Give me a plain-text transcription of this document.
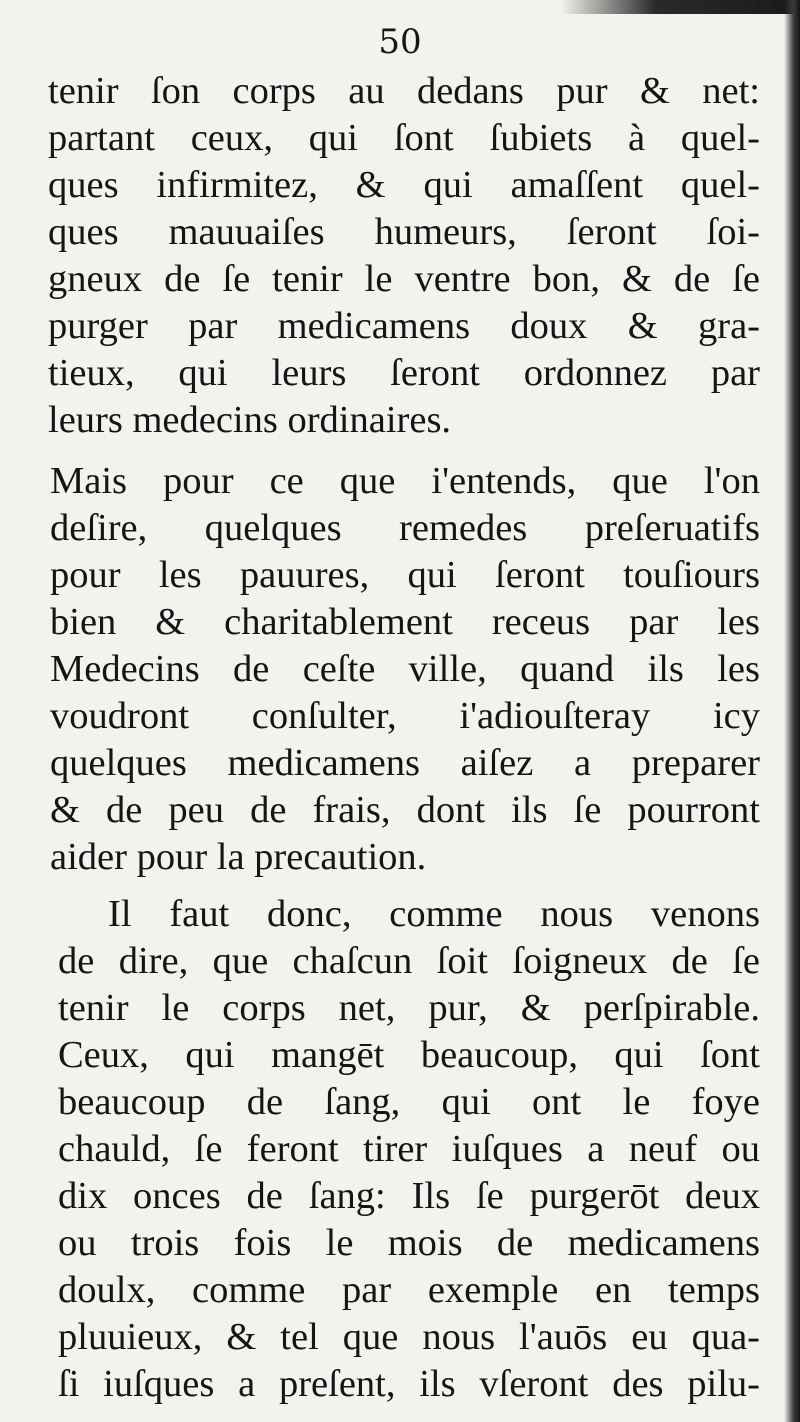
50

tenir ſon corps au dedans pur & net:
partant ceux, qui ſont ſubiets à quel-
ques infirmitez, & qui amaſſent quel-
ques mauuaiſes humeurs, ſeront ſoi-
gneux de ſe tenir le ventre bon, & de ſe
purger par medicamens doux & gra-
tieux, qui leurs ſeront ordonnez par
leurs medecins ordinaires.

Mais pour ce que i'entends, que l'on
deſire, quelques remedes preſeruatifs
pour les pauures, qui ſeront touſiours
bien & charitablement receus par les
Medecins de ceſte ville, quand ils les
voudront conſulter, i'adiouſteray icy
quelques medicamens aiſez a preparer
& de peu de frais, dont ils ſe pourront
aider pour la precaution.

Il faut donc, comme nous venons
de dire, que chaſcun ſoit ſoigneux de ſe
tenir le corps net, pur, & perſpirable.
Ceux, qui mangēt beaucoup, qui ſont
beaucoup de ſang, qui ont le foye
chauld, ſe feront tirer iuſques a neuf ou
dix onces de ſang: Ils ſe purgerōt deux
ou trois fois le mois de medicamens
doulx, comme par exemple en temps
pluuieux, & tel que nous l'auōs eu qua-
ſi iuſques a preſent, ils vſeront des pilu-
